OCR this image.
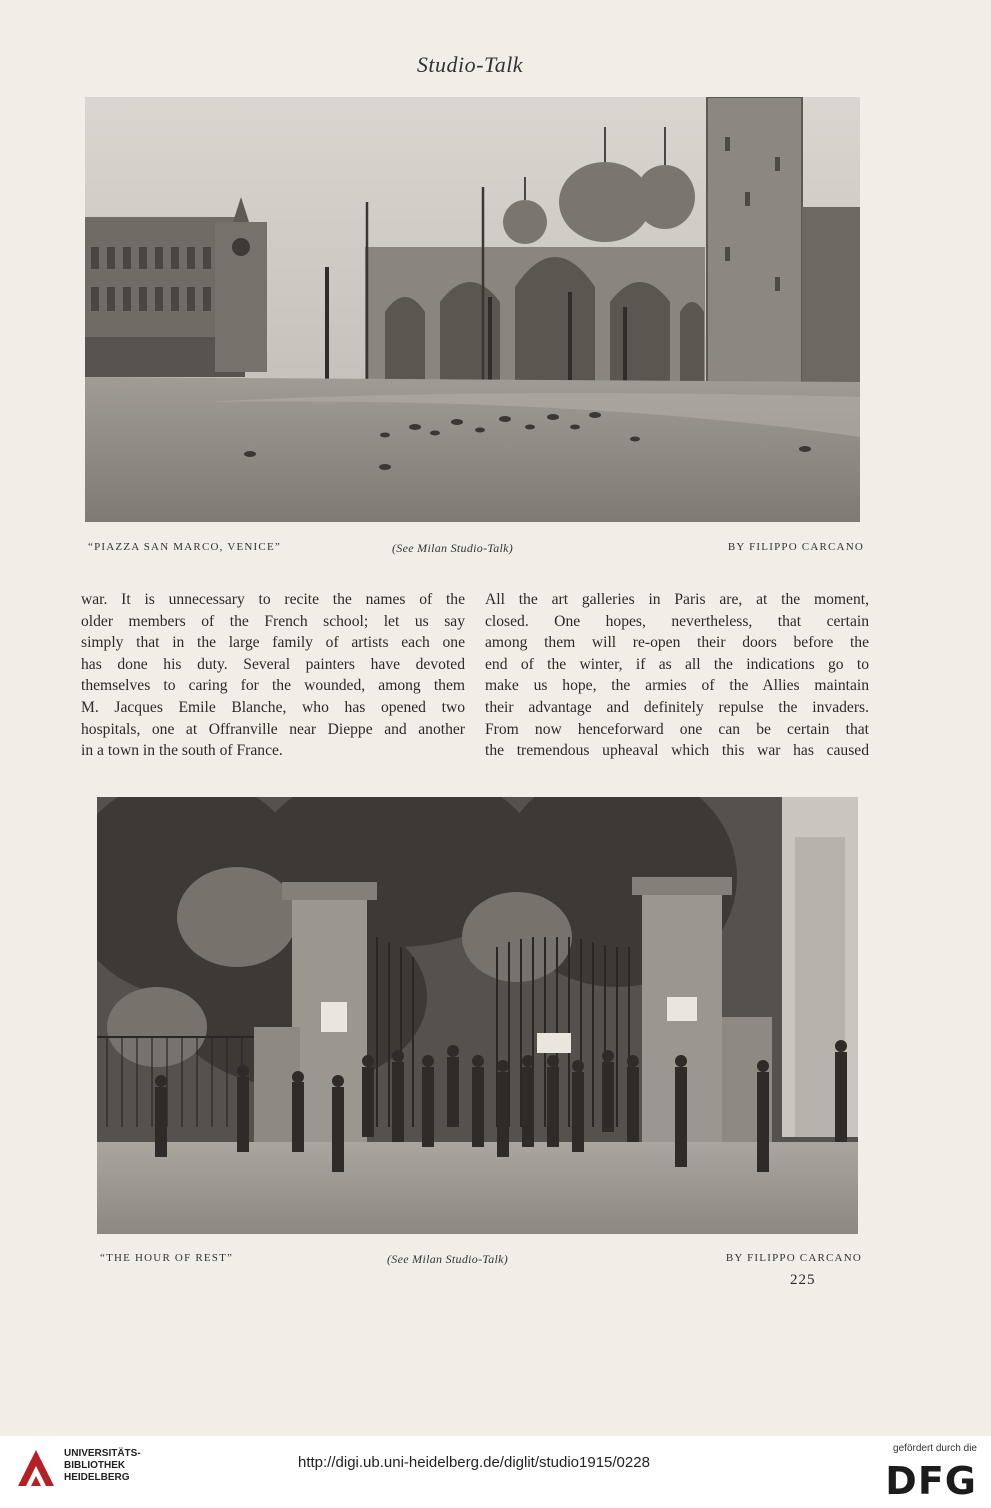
Studio-Talk
“PIAZZA SAN MARCO, VENICE”	(See Milan Studio-Talk)	BY FILIPPO CARCANO
war. It is unnecessary to recite the names of the
older members of the French school; let us say
simply that in the large family of artists each one
has done his duty. Several painters have devoted
themselves to caring for the wounded, among them
M. Jacques Emile Blanche, who has opened two
hospitals, one at Offranville near Dieppe and another
in a town in the south of France.
All the art galleries in Paris are, at the moment,
closed. One hopes, nevertheless, that certain
among them will re-open their doors before the
end of the winter, if as all the indications go to
make us hope, the armies of the Allies maintain
their advantage and definitely repulse the invaders.
From now henceforward one can be certain that
the tremendous upheaval which this war has caused
“THE HOUR OF REST”	(See Milan Studio-Talk)	BY FILIPPO CARCANO
225
UNIVERSITÄTS-
BIBLIOTHEK
HEIDELBERG
http://digi.ub.uni-heidelberg.de/diglit/studio1915/0228
gefördert durch die
DFG
